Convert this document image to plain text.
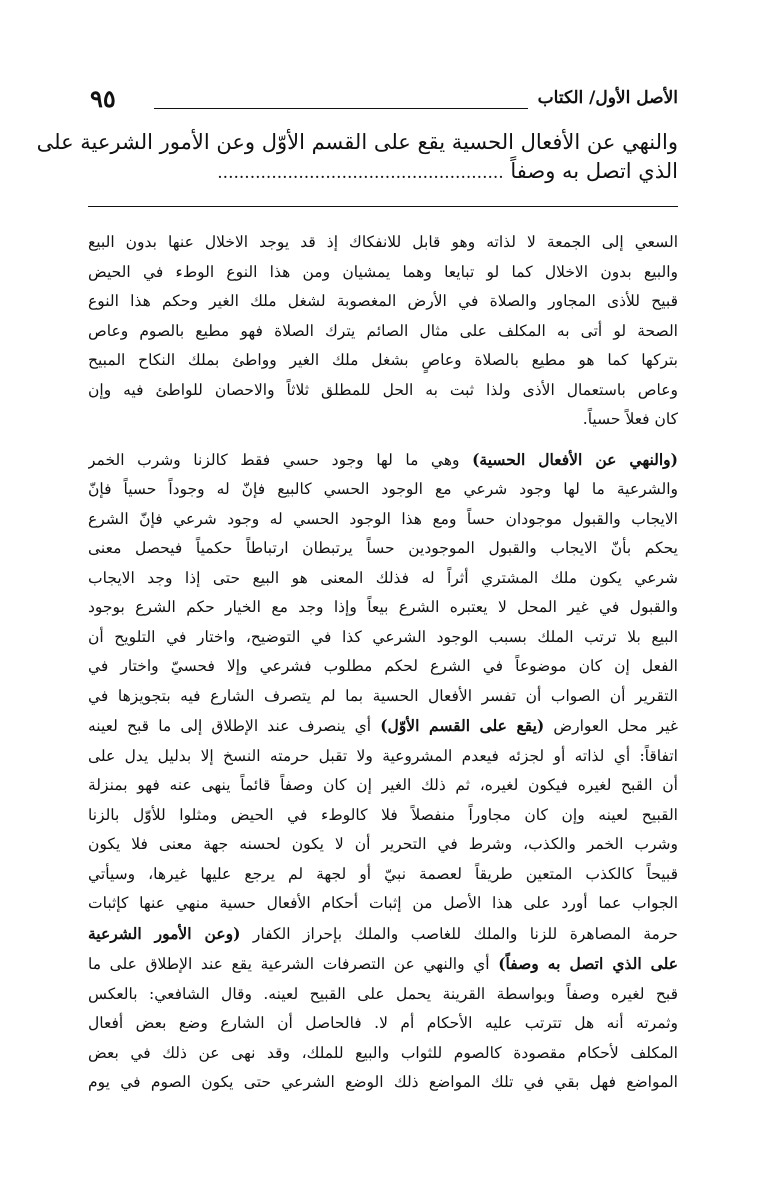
الأصل الأول/ الكتاب
٩٥
والنهي عن الأفعال الحسية يقع على القسم الأوّل وعن الأمور الشرعية على
الذي اتصل به وصفاً .....................................................

السعي إلى الجمعة لا لذاته وهو قابل للانفكاك إذ قد يوجد الاخلال عنها بدون البيع
والبيع بدون الاخلال كما لو تبايعا وهما يمشيان ومن هذا النوع الوطء في الحيض
قبيح للأذى المجاور والصلاة في الأرض المغصوبة لشغل ملك الغير وحكم هذا النوع
الصحة لو أتى به المكلف على مثال الصائم يترك الصلاة فهو مطيع بالصوم وعاص
بتركها كما هو مطيع بالصلاة وعاصٍ بشغل ملك الغير وواطئ بملك النكاح المبيح
وعاص باستعمال الأذى ولذا ثبت به الحل للمطلق ثلاثاً والاحصان للواطئ فيه وإن
كان فعلاً حسياً.

(والنهي عن الأفعال الحسية) وهي ما لها وجود حسي فقط كالزنا وشرب الخمر
والشرعية ما لها وجود شرعي مع الوجود الحسي كالبيع فإنّ له وجوداً حسياً فإنّ
الايجاب والقبول موجودان حساً ومع هذا الوجود الحسي له وجود شرعي فإنّ الشرع
يحكم بأنّ الايجاب والقبول الموجودين حساً يرتبطان ارتباطاً حكمياً فيحصل معنى
شرعي يكون ملك المشتري أثراً له فذلك المعنى هو البيع حتى إذا وجد الايجاب
والقبول في غير المحل لا يعتبره الشرع بيعاً وإذا وجد مع الخيار حكم الشرع بوجود
البيع بلا ترتب الملك بسبب الوجود الشرعي كذا في التوضيح، واختار في التلويح أن
الفعل إن كان موضوعاً في الشرع لحكم مطلوب فشرعي وإلا فحسيّ واختار في
التقرير أن الصواب أن تفسر الأفعال الحسية بما لم يتصرف الشارع فيه بتجويزها في
غير محل العوارض (يقع على القسم الأوّل) أي ينصرف عند الإطلاق إلى ما قبح لعينه
اتفاقاً: أي لذاته أو لجزئه فيعدم المشروعية ولا تقبل حرمته النسخ إلا بدليل يدل على
أن القبح لغيره فيكون لغيره، ثم ذلك الغير إن كان وصفاً قائماً ينهى عنه فهو بمنزلة
القبيح لعينه وإن كان مجاوراً منفصلاً فلا كالوطء في الحيض ومثلوا للأوّل بالزنا
وشرب الخمر والكذب، وشرط في التحرير أن لا يكون لحسنه جهة معنى فلا يكون
قبيحاً كالكذب المتعين طريقاً لعصمة نبيّ أو لجهة لم يرجع عليها غيرها، وسيأتي
الجواب عما أورد على هذا الأصل من إثبات أحكام الأفعال حسية منهي عنها كإثبات
حرمة المصاهرة للزنا والملك للغاصب والملك بإحراز الكفار (وعن الأمور الشرعية
على الذي اتصل به وصفاً) أي والنهي عن التصرفات الشرعية يقع عند الإطلاق على ما
قبح لغيره وصفاً وبواسطة القرينة يحمل على القبيح لعينه. وقال الشافعي: بالعكس
وثمرته أنه هل تترتب عليه الأحكام أم لا. فالحاصل أن الشارع وضع بعض أفعال
المكلف لأحكام مقصودة كالصوم للثواب والبيع للملك، وقد نهى عن ذلك في بعض
المواضع فهل بقي في تلك المواضع ذلك الوضع الشرعي حتى يكون الصوم في يوم
